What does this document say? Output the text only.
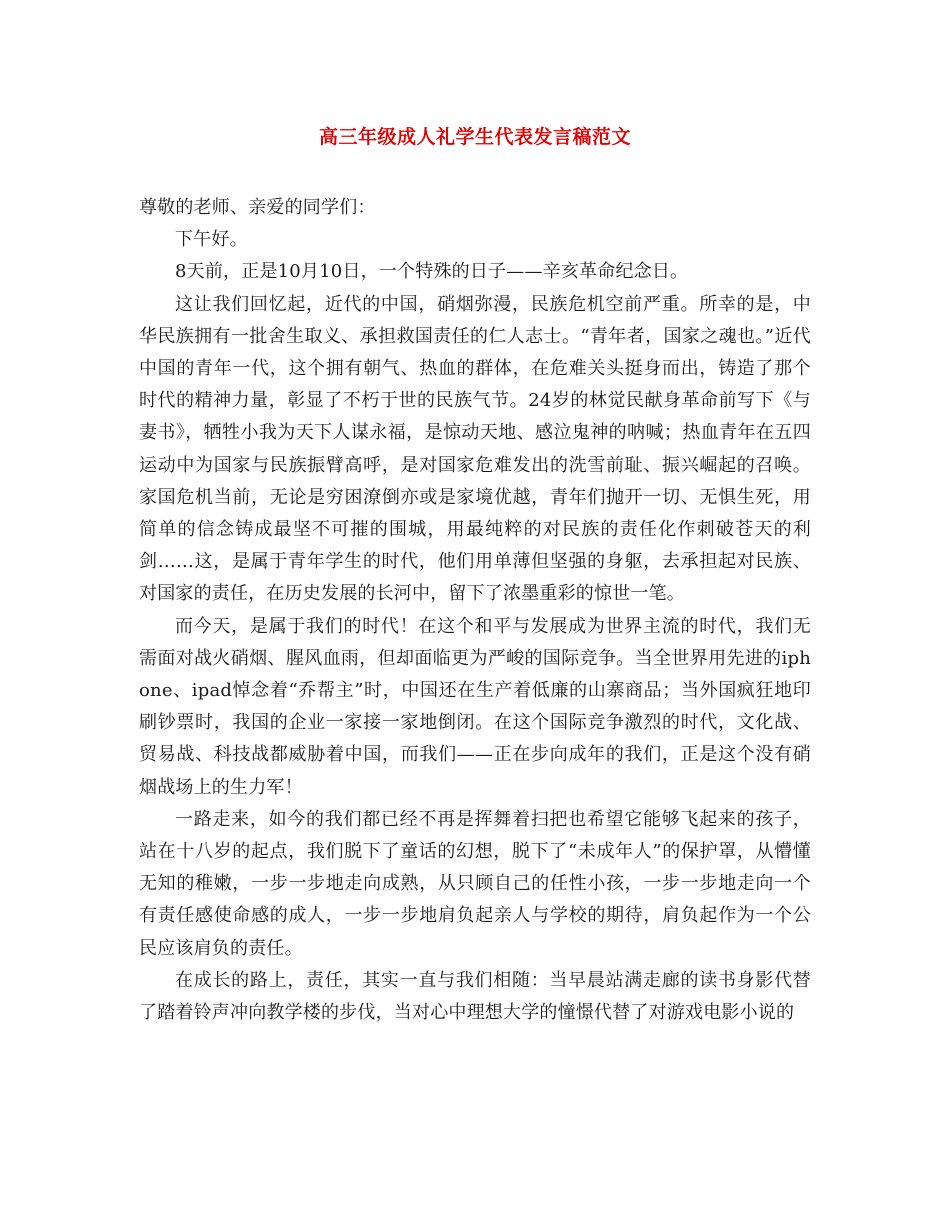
高三年级成人礼学生代表发言稿范文

尊敬的老师、亲爱的同学们：

下午好。

8天前，正是10月10日，一个特殊的日子——辛亥革命纪念日。

这让我们回忆起，近代的中国，硝烟弥漫，民族危机空前严重。所幸的是，中华民族拥有一批舍生取义、承担救国责任的仁人志士。“青年者，国家之魂也。”近代中国的青年一代，这个拥有朝气、热血的群体，在危难关头挺身而出，铸造了那个时代的精神力量，彰显了不朽于世的民族气节。24岁的林觉民献身革命前写下《与妻书》，牺牲小我为天下人谋永福，是惊动天地、感泣鬼神的呐喊；热血青年在五四运动中为国家与民族振臂高呼，是对国家危难发出的洗雪前耻、振兴崛起的召唤。家国危机当前，无论是穷困潦倒亦或是家境优越，青年们抛开一切、无惧生死，用简单的信念铸成最坚不可摧的围城，用最纯粹的对民族的责任化作刺破苍天的利剑……这，是属于青年学生的时代，他们用单薄但坚强的身躯，去承担起对民族、对国家的责任，在历史发展的长河中，留下了浓墨重彩的惊世一笔。

而今天，是属于我们的时代！在这个和平与发展成为世界主流的时代，我们无需面对战火硝烟、腥风血雨，但却面临更为严峻的国际竞争。当全世界用先进的iphone、ipad悼念着“乔帮主”时，中国还在生产着低廉的山寨商品；当外国疯狂地印刷钞票时，我国的企业一家接一家地倒闭。在这个国际竞争激烈的时代，文化战、贸易战、科技战都威胁着中国，而我们——正在步向成年的我们，正是这个没有硝烟战场上的生力军！

一路走来，如今的我们都已经不再是挥舞着扫把也希望它能够飞起来的孩子，站在十八岁的起点，我们脱下了童话的幻想，脱下了“未成年人”的保护罩，从懵懂无知的稚嫩，一步一步地走向成熟，从只顾自己的任性小孩，一步一步地走向一个有责任感使命感的成人，一步一步地肩负起亲人与学校的期待，肩负起作为一个公民应该肩负的责任。

在成长的路上，责任，其实一直与我们相随：当早晨站满走廊的读书身影代替了踏着铃声冲向教学楼的步伐，当对心中理想大学的憧憬代替了对游戏电影小说的
